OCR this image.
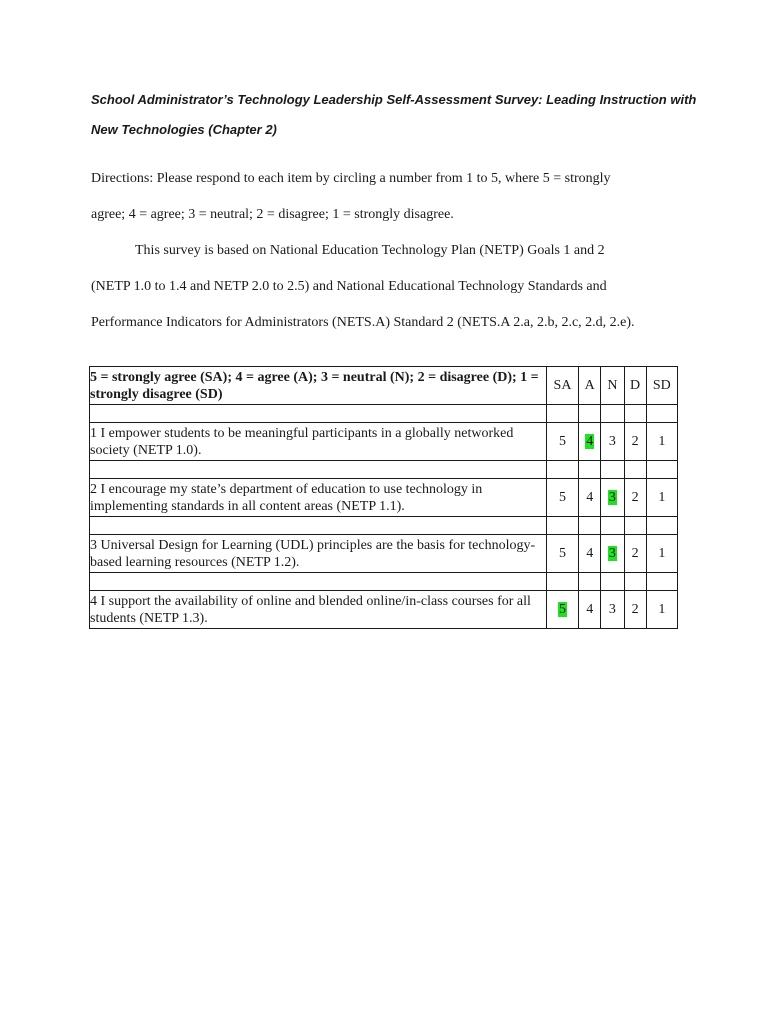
School Administrator’s Technology Leadership Self-Assessment Survey: Leading Instruction with
New Technologies (Chapter 2)
Directions: Please respond to each item by circling a number from 1 to 5, where 5 = strongly
agree; 4 = agree; 3 = neutral; 2 = disagree; 1 = strongly disagree.
This survey is based on National Education Technology Plan (NETP) Goals 1 and 2
(NETP 1.0 to 1.4 and NETP 2.0 to 2.5) and National Educational Technology Standards and
Performance Indicators for Administrators (NETS.A) Standard 2 (NETS.A 2.a, 2.b, 2.c, 2.d, 2.e).
5 = strongly agree (SA); 4 = agree (A); 3 = neutral (N); 2 = disagree (D); 1 = strongly disagree (SD)	SA	A	N	D	SD

1 I empower students to be meaningful participants in a globally networked society (NETP 1.0).	5	4	3	2	1

2 I encourage my state’s department of education to use technology in implementing standards in all content areas (NETP 1.1).	5	4	3	2	1

3 Universal Design for Learning (UDL) principles are the basis for technology-based learning resources (NETP 1.2).	5	4	3	2	1

4 I support the availability of online and blended online/in-class courses for all students (NETP 1.3).	5	4	3	2	1
